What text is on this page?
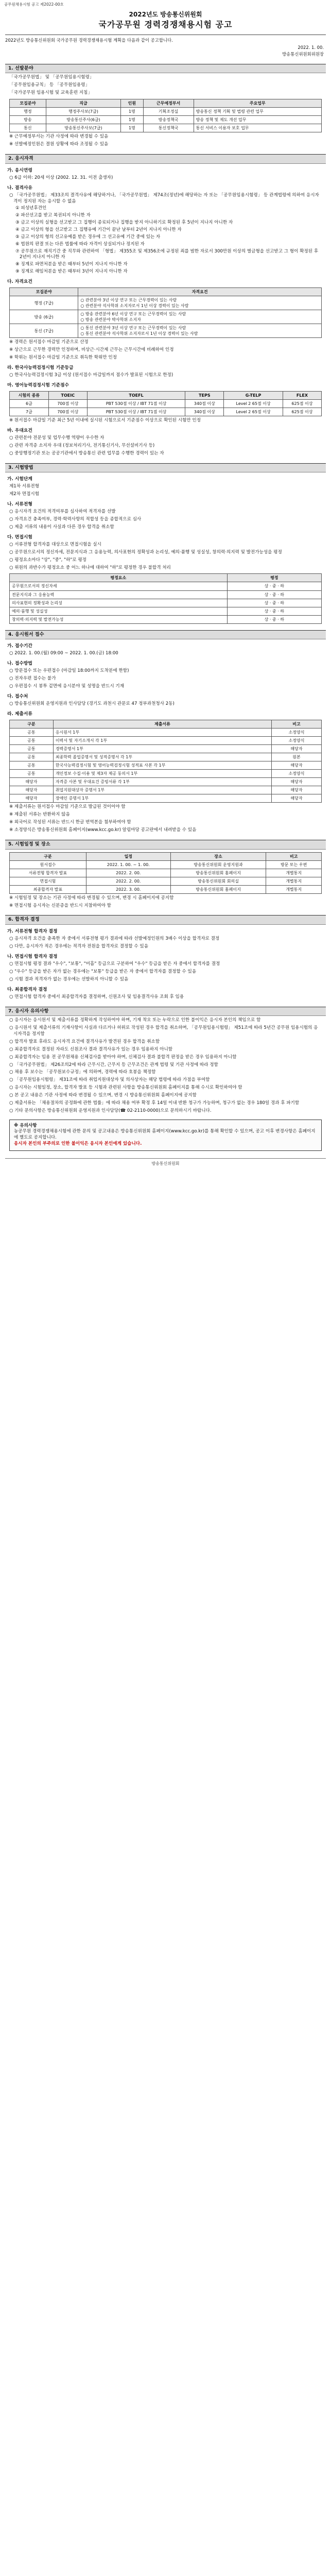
공무원채용시험 공고 제2022-00호
2022년도 방송통신위원회
국가공무원 경력경쟁채용시험 공고
2022년도 방송통신위원회 국가공무원 경력경쟁채용시험 계획을 다음과 같이 공고합니다.
2022. 1. 00.
방송통신위원회위원장
1. 선발분야

「국가공무원법」 및 「공무원임용시험령」

「공무원임용규칙」 등 「공무원임용령」

「국가공무원 임용시험 및 교육훈련 지침」

모집분야	직급	인원	근무예정부서	주요업무
행정	행정주사보(7급)	1명	기획조정실	방송통신 정책 기획 및 법령 관련 업무
방송	방송통신주사(6급)	1명	방송정책국	방송 정책 및 제도 개선 업무
통신	방송통신주사보(7급)	1명	통신정책국	통신 서비스 이용자 보호 업무

※ 근무예정부서는 기관 사정에 따라 변경될 수 있음

※ 선발예정인원은 결원 상황에 따라 조정될 수 있음

2. 응시자격
가. 응시연령

○ 6급 이하: 20세 이상 (2002. 12. 31. 이전 출생자)

나. 결격사유

○ 「국가공무원법」 제33조의 결격사유에 해당하거나, 「국가공무원법」 제74조(정년)에 해당하는 자 또는 「공무원임용시험령」 등 관계법령에 의하여 응시자격이 정지된 자는 응시할 수 없음

① 피성년후견인

② 파산선고를 받고 복권되지 아니한 자

③ 금고 이상의 실형을 선고받고 그 집행이 종료되거나 집행을 받지 아니하기로 확정된 후 5년이 지나지 아니한 자

④ 금고 이상의 형을 선고받고 그 집행유예 기간이 끝난 날부터 2년이 지나지 아니한 자

⑤ 금고 이상의 형의 선고유예를 받은 경우에 그 선고유예 기간 중에 있는 자

⑥ 법원의 판결 또는 다른 법률에 따라 자격이 상실되거나 정지된 자

⑦ 공무원으로 재직기간 중 직무와 관련하여 「형법」 제355조 및 제356조에 규정된 죄를 범한 자로서 300만원 이상의 벌금형을 선고받고 그 형이 확정된 후 2년이 지나지 아니한 자

⑧ 징계로 파면처분을 받은 때부터 5년이 지나지 아니한 자

⑨ 징계로 해임처분을 받은 때부터 3년이 지나지 아니한 자

다. 자격요건
모집분야	자격요건
행정 (7급)	○ 관련분야 3년 이상 연구 또는 근무경력이 있는 사람
○ 관련분야 석사학위 소지자로서 1년 이상 경력이 있는 사람
방송 (6급)	○ 방송 관련분야 6년 이상 연구 또는 근무경력이 있는 사람
○ 방송 관련분야 박사학위 소지자
통신 (7급)	○ 통신 관련분야 3년 이상 연구 또는 근무경력이 있는 사람
○ 통신 관련분야 석사학위 소지자로서 1년 이상 경력이 있는 사람

※ 경력은 원서접수 마감일 기준으로 산정

※ 상근으로 근무한 경력만 인정하며, 비상근·시간제 근무는 근무시간에 비례하여 인정

※ 학위는 원서접수 마감일 기준으로 취득한 학위만 인정

라. 한국사능력검정시험 기준등급

○ 한국사능력검정시험 3급 이상 (원서접수 마감일까지 점수가 발표된 시험으로 한정)

마. 영어능력검정시험 기준점수
시험의 종류	TOEIC	TOEFL	TEPS	G-TELP	FLEX
6급	700점 이상	PBT 530점 이상 / IBT 71점 이상	340점 이상	Level 2 65점 이상	625점 이상
7급	700점 이상	PBT 530점 이상 / IBT 71점 이상	340점 이상	Level 2 65점 이상	625점 이상

※ 원서접수 마감일 기준 최근 5년 이내에 실시된 시험으로서 기준점수 이상으로 확인된 시험만 인정

바. 우대요건

○ 관련분야 전문성 및 업무수행 역량이 우수한 자

○ 관련 자격증 소지자 우대 (정보처리기사, 전기통신기사, 무선설비기사 등)

○ 중앙행정기관 또는 공공기관에서 방송통신 관련 업무를 수행한 경력이 있는 자

3. 시험방법
가. 시험단계

제1차 서류전형

제2차 면접시험

나. 서류전형

○ 응시자격 요건의 적격여부를 심사하여 적격자를 선발

○ 자격요건 충족여부, 경력·학력사항의 적합성 등을 종합적으로 심사

○ 제출 서류의 내용이 사실과 다른 경우 합격을 취소함

다. 면접시험

○ 서류전형 합격자를 대상으로 면접시험을 실시

○ 공무원으로서의 정신자세, 전문지식과 그 응용능력, 의사표현의 정확성과 논리성, 예의·품행 및 성실성, 창의력·의지력 및 발전가능성을 평정

○ 평정요소마다 "상", "중", "하"로 평정

○ 위원의 과반수가 평정요소 중 어느 하나에 대하여 "하"로 평정한 경우 불합격 처리

평정요소	평정
공무원으로서의 정신자세	상 · 중 · 하
전문지식과 그 응용능력	상 · 중 · 하
의사표현의 정확성과 논리성	상 · 중 · 하
예의·품행 및 성실성	상 · 중 · 하
창의력·의지력 및 발전가능성	상 · 중 · 하
4. 응시원서 접수
가. 접수기간

○ 2022. 1. 00.(월) 09:00 ~ 2022. 1. 00.(금) 18:00

나. 접수방법

○ 방문접수 또는 우편접수 (마감일 18:00까지 도착분에 한함)

○ 전자우편 접수는 불가

○ 우편접수 시 봉투 겉면에 응시분야 및 성명을 반드시 기재

다. 접수처

○ 방송통신위원회 운영지원과 인사담당 (경기도 과천시 관문로 47 정부과천청사 2동)

라. 제출서류
구분	제출서류	비고
공통	응시원서 1부	소정양식
공통	이력서 및 자기소개서 각 1부	소정양식
공통	경력증명서 1부	해당자
공통	최종학력 졸업증명서 및 성적증명서 각 1부	원본
공통	한국사능력검정시험 및 영어능력검정시험 성적표 사본 각 1부	해당자
공통	개인정보 수집·이용 및 제3자 제공 동의서 1부	소정양식
해당자	자격증 사본 및 우대요건 증빙서류 각 1부	해당자
해당자	취업지원대상자 증명서 1부	해당자
해당자	장애인 증명서 1부	해당자

※ 제출서류는 원서접수 마감일 기준으로 발급된 것이어야 함

※ 제출된 서류는 반환하지 않음

※ 외국어로 작성된 서류는 반드시 한글 번역본을 첨부하여야 함

※ 소정양식은 방송통신위원회 홈페이지(www.kcc.go.kr) 알림마당 공고란에서 내려받을 수 있음

5. 시험일정 및 장소
구분	일정	장소	비고
원서접수	2022. 1. 00. ~ 1. 00.	방송통신위원회 운영지원과	방문 또는 우편
서류전형 합격자 발표	2022. 2. 00.	방송통신위원회 홈페이지	개별통지
면접시험	2022. 2. 00.	방송통신위원회 회의실	개별통지
최종합격자 발표	2022. 3. 00.	방송통신위원회 홈페이지	개별통지

※ 시험일정 및 장소는 기관 사정에 따라 변경될 수 있으며, 변경 시 홈페이지에 공지함

※ 면접시험 응시자는 신분증을 반드시 지참하여야 함

6. 합격자 결정
가. 서류전형 합격자 결정

○ 응시자격 요건을 충족한 자 중에서 서류전형 평가 결과에 따라 선발예정인원의 3배수 이상을 합격자로 결정

○ 다만, 응시자가 적은 경우에는 적격자 전원을 합격자로 결정할 수 있음

나. 면접시험 합격자 결정

○ 면접시험 평정 결과 "우수", "보통", "미흡" 등급으로 구분하여 "우수" 등급을 받은 자 중에서 합격자를 결정

○ "우수" 등급을 받은 자가 없는 경우에는 "보통" 등급을 받은 자 중에서 합격자를 결정할 수 있음

○ 시험 결과 적격자가 없는 경우에는 선발하지 아니할 수 있음

다. 최종합격자 결정

○ 면접시험 합격자 중에서 최종합격자를 결정하며, 신원조사 및 임용결격사유 조회 후 임용

7. 응시자 유의사항

○ 응시자는 응시원서 및 제출서류를 정확하게 작성하여야 하며, 기재 착오 또는 누락으로 인한 불이익은 응시자 본인의 책임으로 함

○ 응시원서 및 제출서류의 기재사항이 사실과 다르거나 허위로 작성된 경우 합격을 취소하며, 「공무원임용시험령」 제51조에 따라 5년간 공무원 임용시험의 응시자격을 정지함

○ 합격자 발표 후라도 응시자격 요건에 결격사유가 발견된 경우 합격을 취소함

○ 최종합격자로 결정된 자라도 신원조사 결과 결격사유가 있는 경우 임용하지 아니함

○ 최종합격자는 임용 전 공무원채용 신체검사를 받아야 하며, 신체검사 결과 불합격 판정을 받은 경우 임용하지 아니함

○ 「국가공무원법」 제26조의2에 따라 근무시간, 근무지 등 근무조건은 관계 법령 및 기관 사정에 따라 정함

○ 채용 후 보수는 「공무원보수규정」에 의하며, 경력에 따라 호봉을 책정함

○ 「공무원임용시험령」 제31조에 따라 취업지원대상자 및 의사상자는 해당 법령에 따라 가점을 부여함

○ 응시자는 시험일정, 장소, 합격자 발표 등 시험과 관련된 사항을 방송통신위원회 홈페이지를 통해 수시로 확인하여야 함

○ 본 공고 내용은 기관 사정에 따라 변경될 수 있으며, 변경 시 방송통신위원회 홈페이지에 공지함

○ 제출서류는 「채용절차의 공정화에 관한 법률」에 따라 채용 여부 확정 후 14일 이내 반환 청구가 가능하며, 청구가 없는 경우 180일 경과 후 파기함

○ 기타 문의사항은 방송통신위원회 운영지원과 인사담당(☎ 02-2110-0000)으로 문의하시기 바랍니다.

※ 유의사항
농공무원 경력경쟁채용시험에 관한 문의 및 공고내용은 방송통신위원회 홈페이지(www.kcc.go.kr)를 통해 확인할 수 있으며, 공고 이후 변경사항은 홈페이지에 별도로 공지합니다.
응시자 본인의 부주의로 인한 불이익은 응시자 본인에게 있습니다.
방송통신위원회
